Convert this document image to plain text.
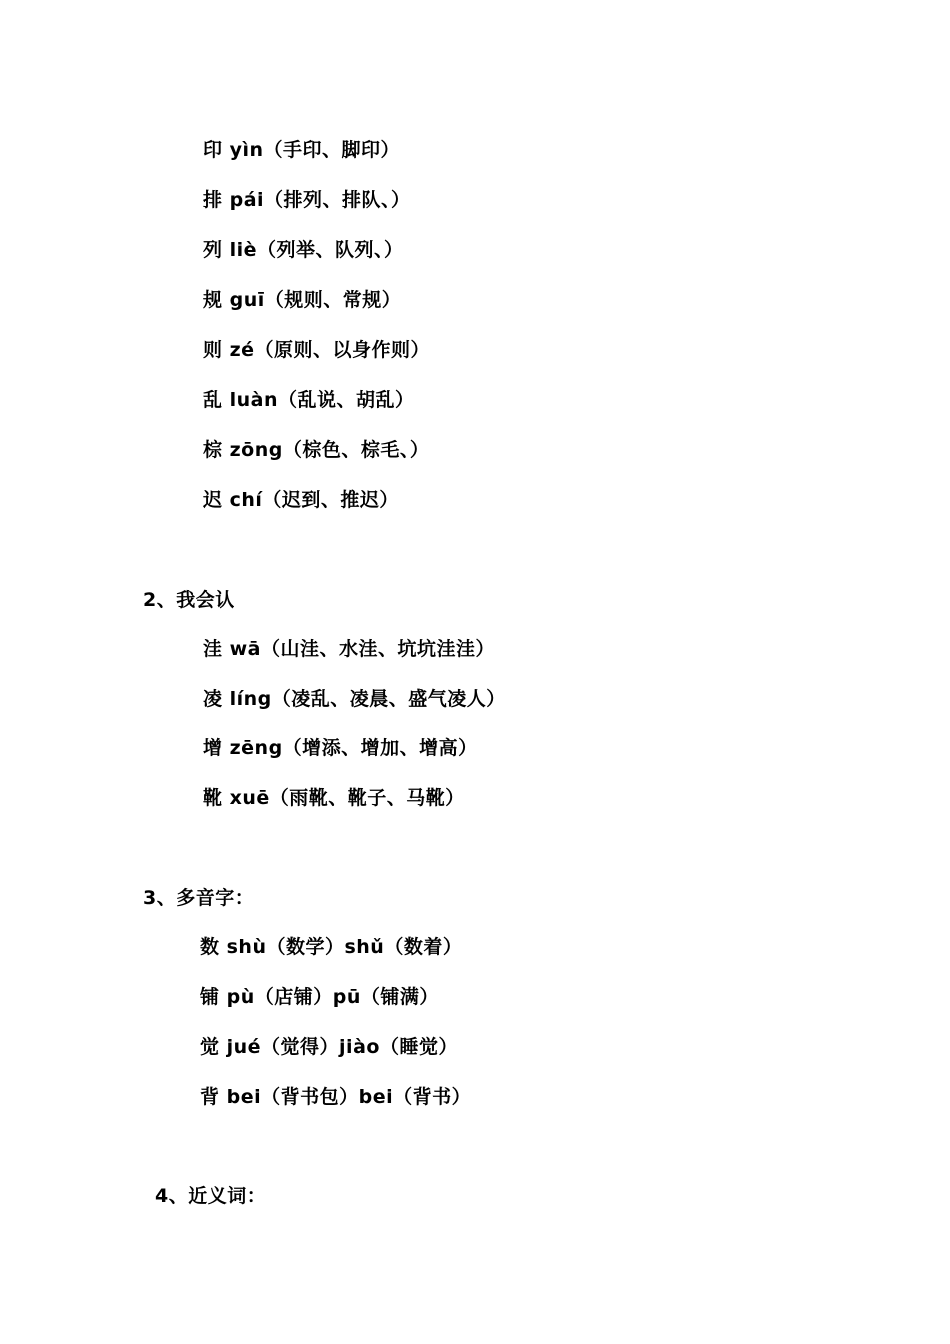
印 yìn（手印、脚印）
排 pái（排列、排队、）
列 liè（列举、队列、）
规 guī（规则、常规）
则 zé（原则、以身作则）
乱 luàn（乱说、胡乱）
棕 zōng（棕色、棕毛、）
迟 chí（迟到、推迟）
2、我会认
洼 wā（山洼、水洼、坑坑洼洼）
凌 líng（凌乱、凌晨、盛气凌人）
增 zēng（增添、增加、增高）
靴 xuē（雨靴、靴子、马靴）
3、多音字：
数 shù（数学）shǔ（数着）
铺 pù（店铺）pū（铺满）
觉 jué（觉得）jiào（睡觉）
背 bei（背书包）bei（背书）
4、近义词：
